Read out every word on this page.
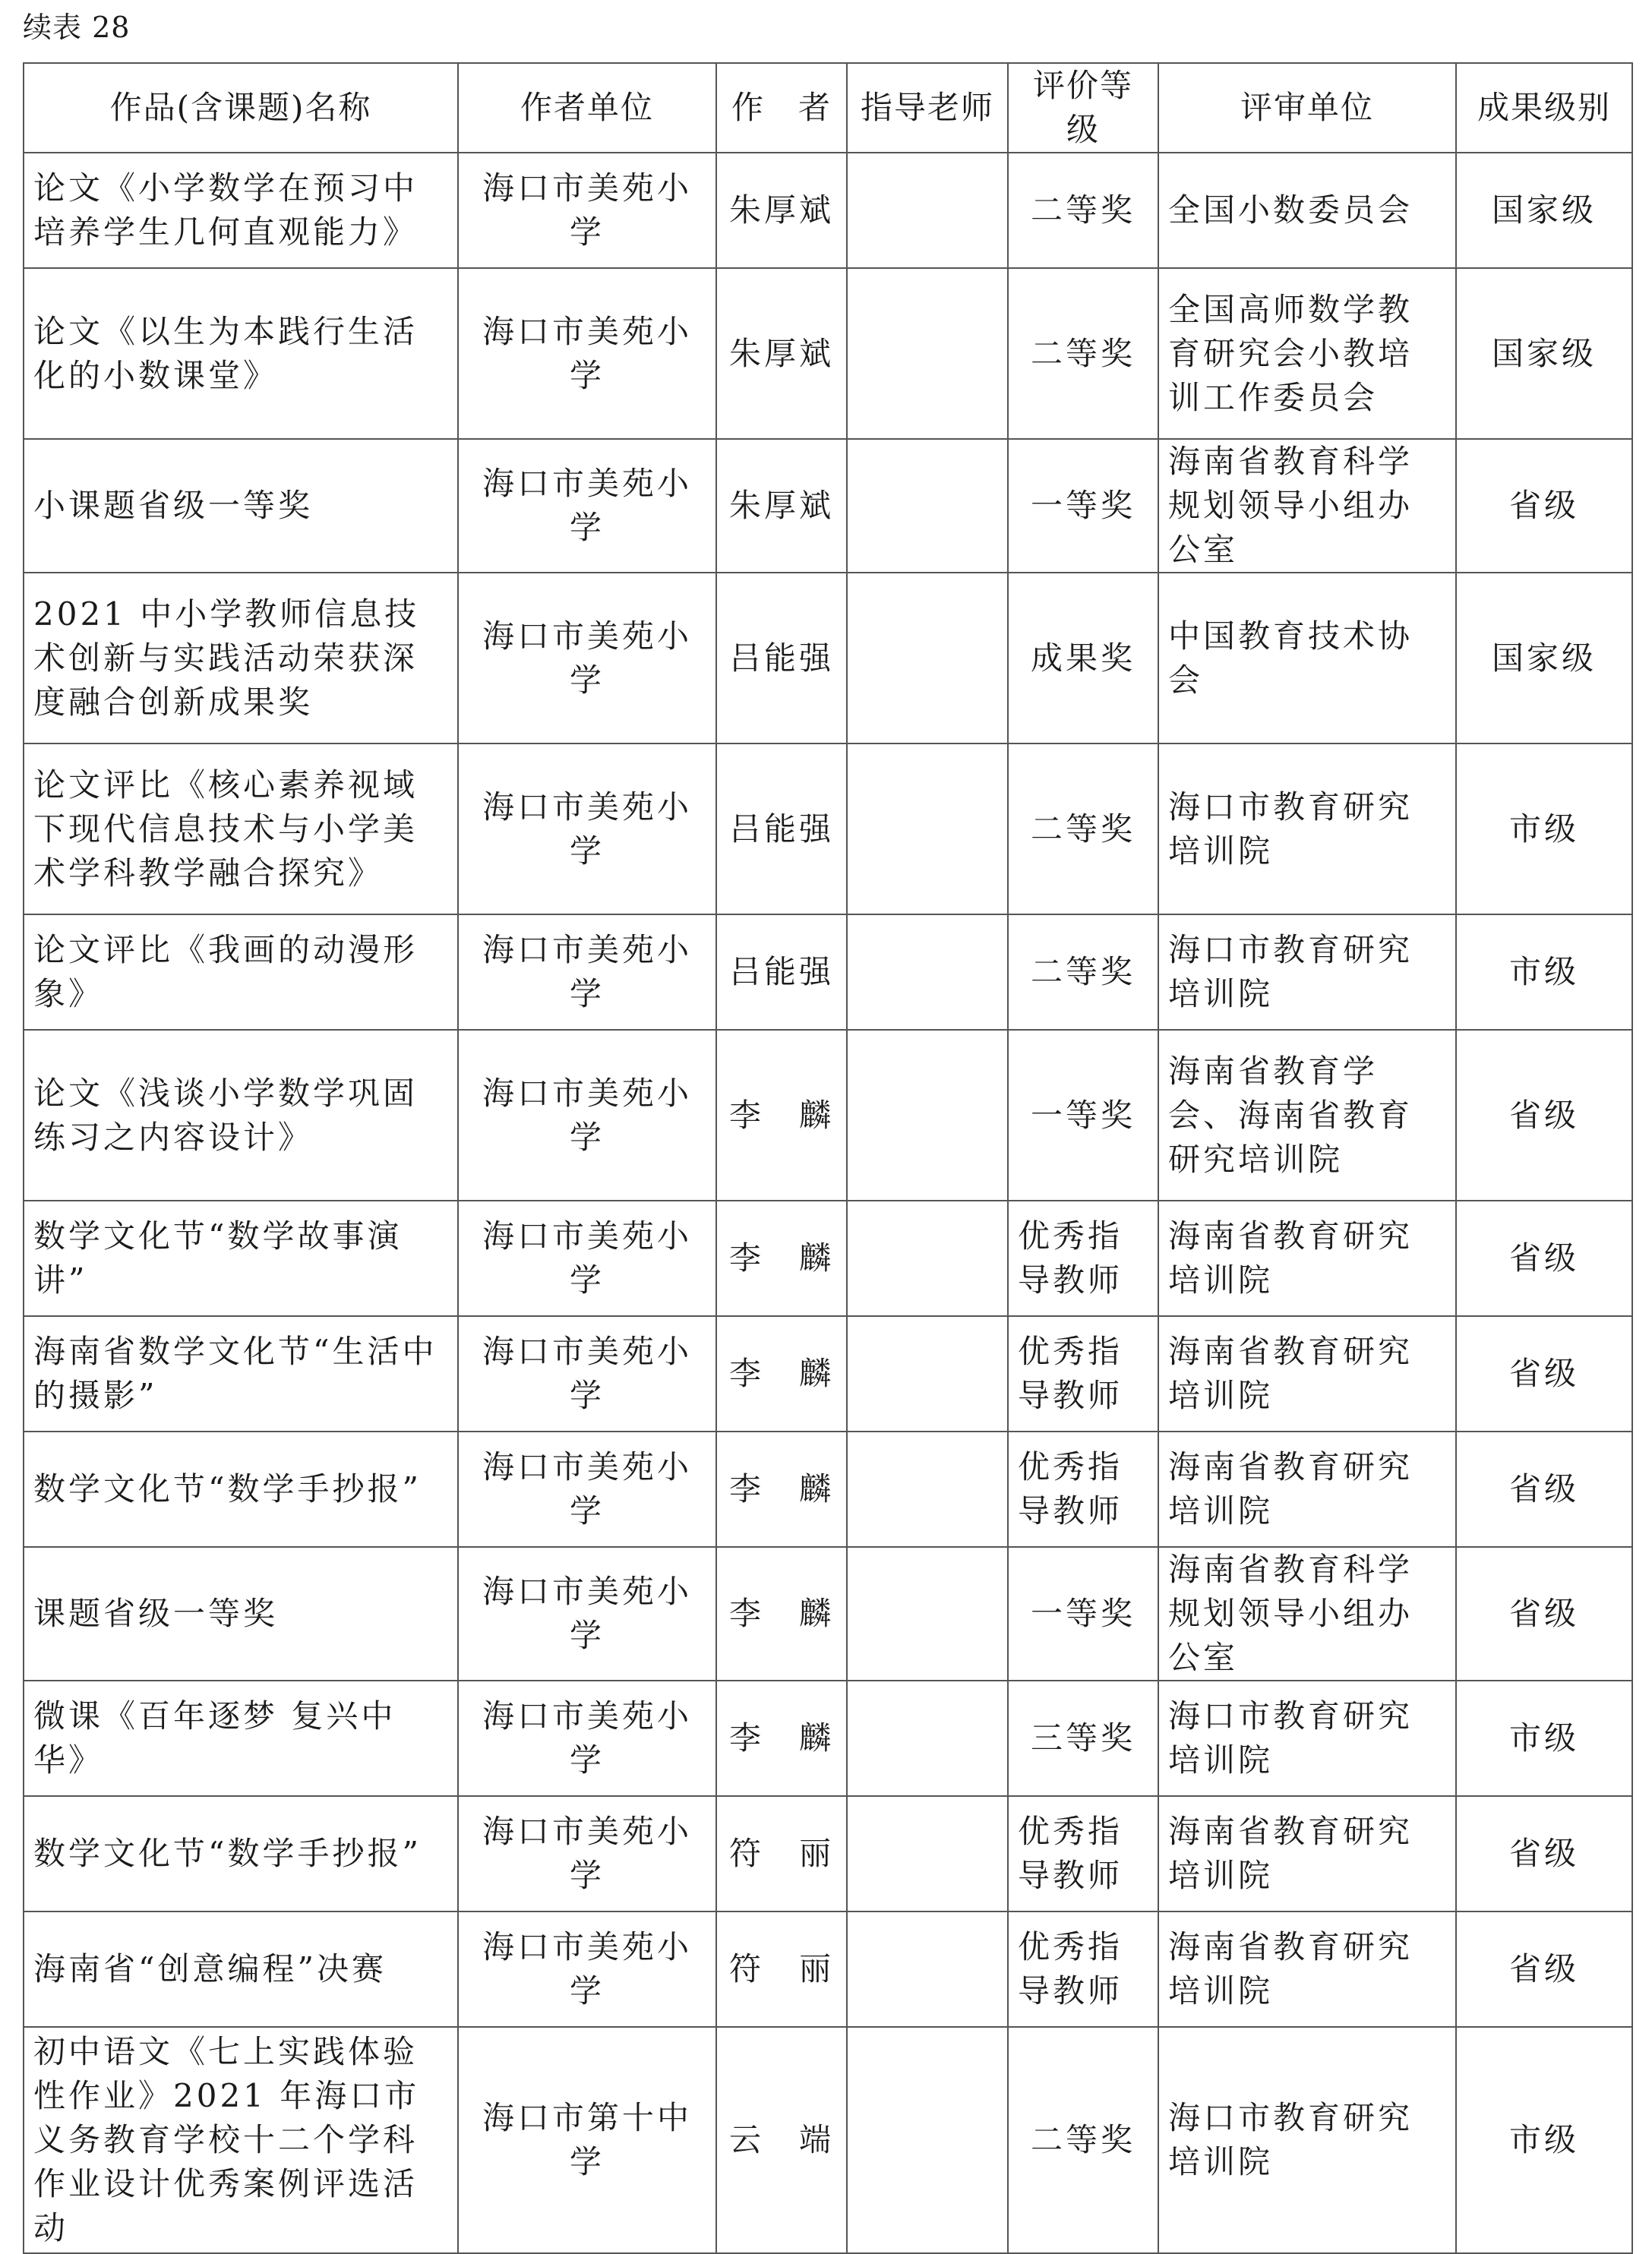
续表 28
作品(含课题)名称	作者单位	作　者	指导老师	评价等级	评审单位	成果级别
论文《小学数学在预习中培养学生几何直观能力》	海口市美苑小学	朱厚斌		二等奖	全国小数委员会	国家级
论文《以生为本践行生活化的小数课堂》	海口市美苑小学	朱厚斌		二等奖	全国高师数学教育研究会小教培训工作委员会	国家级
小课题省级一等奖	海口市美苑小学	朱厚斌		一等奖	海南省教育科学规划领导小组办公室	省级
2021 中小学教师信息技术创新与实践活动荣获深度融合创新成果奖	海口市美苑小学	吕能强		成果奖	中国教育技术协会	国家级
论文评比《核心素养视域下现代信息技术与小学美术学科教学融合探究》	海口市美苑小学	吕能强		二等奖	海口市教育研究培训院	市级
论文评比《我画的动漫形象》	海口市美苑小学	吕能强		二等奖	海口市教育研究培训院	市级
论文《浅谈小学数学巩固练习之内容设计》	海口市美苑小学	李　麟		一等奖	海南省教育学会、海南省教育研究培训院	省级
数学文化节“数学故事演讲”	海口市美苑小学	李　麟		优秀指导教师	海南省教育研究培训院	省级
海南省数学文化节“生活中的摄影”	海口市美苑小学	李　麟		优秀指导教师	海南省教育研究培训院	省级
数学文化节“数学手抄报”	海口市美苑小学	李　麟		优秀指导教师	海南省教育研究培训院	省级
课题省级一等奖	海口市美苑小学	李　麟		一等奖	海南省教育科学规划领导小组办公室	省级
微课《百年逐梦 复兴中华》	海口市美苑小学	李　麟		三等奖	海口市教育研究培训院	市级
数学文化节“数学手抄报”	海口市美苑小学	符　丽		优秀指导教师	海南省教育研究培训院	省级
海南省“创意编程”决赛	海口市美苑小学	符　丽		优秀指导教师	海南省教育研究培训院	省级
初中语文《七上实践体验性作业》2021 年海口市义务教育学校十二个学科作业设计优秀案例评选活动	海口市第十中学	云　端		二等奖	海口市教育研究培训院	市级
